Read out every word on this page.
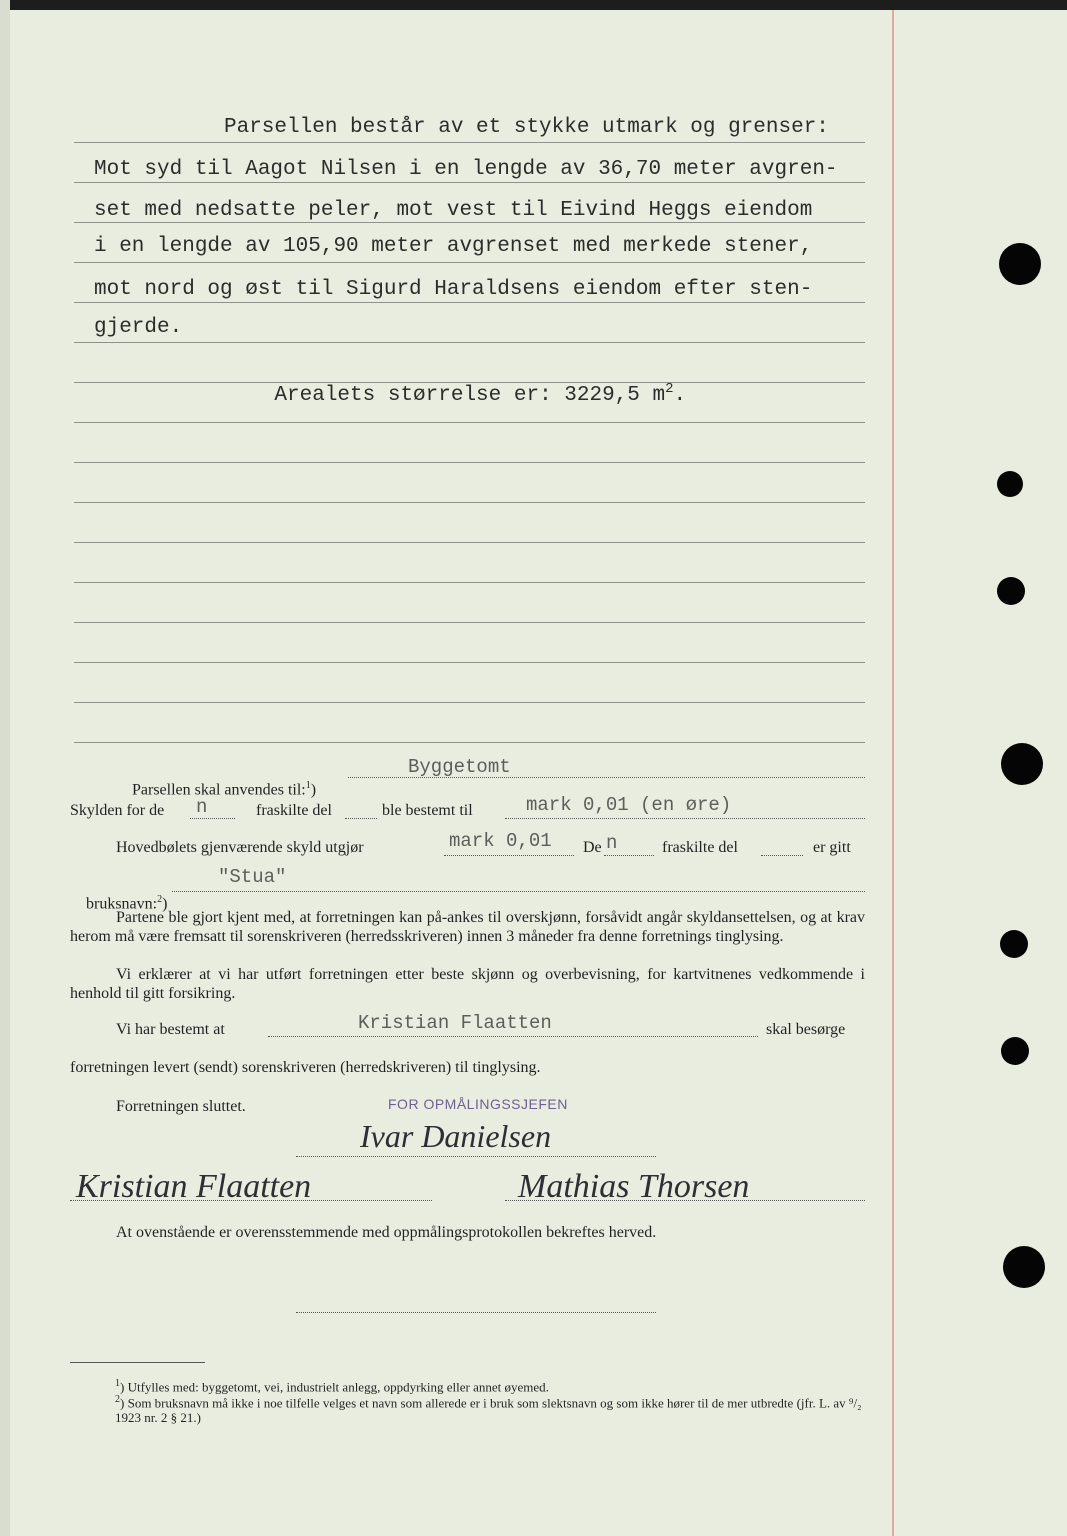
Parsellen består av et stykke utmark og grenser:
Mot syd til Aagot Nilsen i en lengde av 36,70 meter avgren-
set med nedsatte peler, mot vest til Eivind Heggs eiendom
i en lengde av 105,90 meter avgrenset med merkede stener,
mot nord og øst til Sigurd Haraldsens eiendom efter sten-
gjerde.

Arealets størrelse er: 3229,5 $m^2$.

Parsellen skal anvendes til:$^1$)

Byggetomt
Skylden for de n	fraskilte del	ble bestemt til	mark 0,01 (en øre)
Hovedbølets gjenværende skyld utgjør	mark 0,01 De n	fraskilte del	er gitt

bruksnavn:$^2$)

"Stua"
Partene ble gjort kjent med, at forretningen kan på-ankes til overskjønn, forsåvidt angår skyldansettelsen, og at krav herom må være fremsatt til sorenskriveren (herredsskriveren) innen 3 måneder fra denne forretnings tinglysing.
Vi erklærer at vi har utført forretningen etter beste skjønn og overbevisning, for kartvitnenes vedkommende i henhold til gitt forsikring.
Vi har bestemt at	Kristian Flaatten	skal besørge
forretningen levert (sendt) sorenskriveren (herredskriveren) til tinglysing.
Forretningen sluttet.	FOR OPMÅLINGSSJEFEN
Ivar Danielsen
Kristian Flaatten	Mathias Thorsen
At ovenstående er overensstemmende med oppmålingsprotokollen bekreftes herved.
$^1$) Utfylles med: byggetomt, vei, industrielt anlegg, oppdyrking eller annet øyemed.
$^2$) Som bruksnavn må ikke i noe tilfelle velges et navn som allerede er i bruk som slektsnavn og som ikke hører til de mer utbredte (jfr. L. av ⁹/₂ 1923 nr. 2 § 21.)
